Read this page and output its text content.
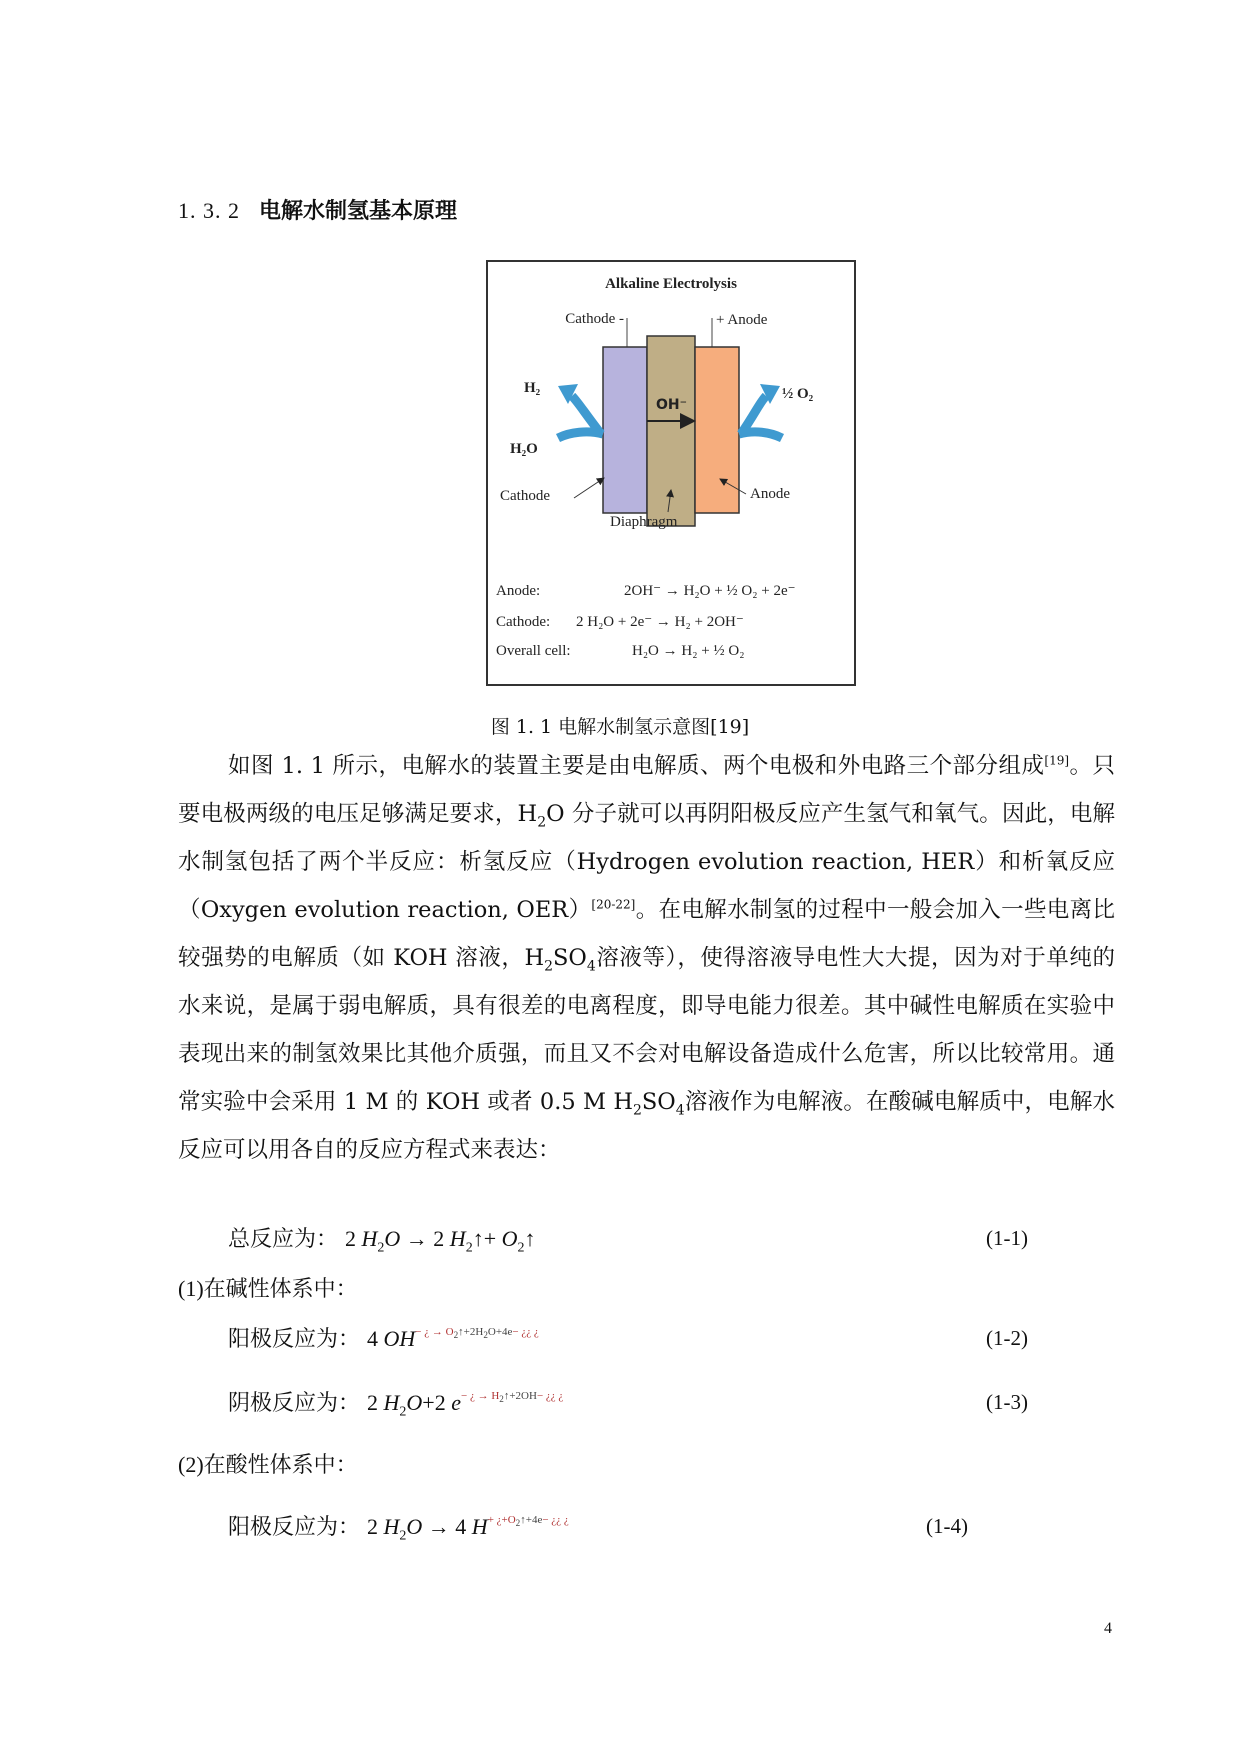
1. 3. 2 电解水制氢基本原理
Alkaline Electrolysis
Cathode -	+ Anode
OH⁻
H₂
H₂O
½ O₂
Cathode	Anode
Diaphragm
Anode:	2OH⁻ → H₂O + ½ O₂ + 2e⁻
Cathode: 2 H₂O + 2e⁻ → H₂ + 2OH⁻
Overall cell:	H₂O → H₂ + ½ O₂
图 1. 1 电解水制氢示意图[19]

如图 1. 1 所示，电解水的装置主要是由电解质、两个电极和外电路三个部分组成[19]。只要电极两级的电压足够满足要求，$H_2O$ 分子就可以再阴阳极反应产生氢气和氧气。因此，电解水制氢包括了两个半反应：析氢反应（Hydrogen evolution reaction, HER）和析氧反应（Oxygen evolution reaction, OER）[20-22]。在电解水制氢的过程中一般会加入一些电离比较强势的电解质（如 KOH 溶液，$H_2SO_4$溶液等），使得溶液导电性大大提，因为对于单纯的水来说，是属于弱电解质，具有很差的电离程度，即导电能力很差。其中碱性电解质在实验中表现出来的制氢效果比其他介质强，而且又不会对电解设备造成什么危害，所以比较常用。通常实验中会采用 1 M 的 KOH 或者 0.5 M $H_2SO_4$溶液作为电解液。在酸碱电解质中，电解水反应可以用各自的反应方程式来表达：

总反应为： 2 $H_2O \to 2$ $H_2↑+$ $O_2↑$	(1-1)
(1)在碱性体系中：
阳极反应为： 4 $OH^{- ¿ \to O_2↑+2H_2O+4e- ¿¿ ¿}$	(1-2)
阴极反应为： 2 $H_2O+2$ $e^{- ¿ \to H_2↑+2OH- ¿¿ ¿}$	(1-3)
(2)在酸性体系中：
阳极反应为： 2 $H_2O \to 4$ $H^{+ ¿+O_2↑+4e- ¿¿ ¿}$	(1-4)
4
